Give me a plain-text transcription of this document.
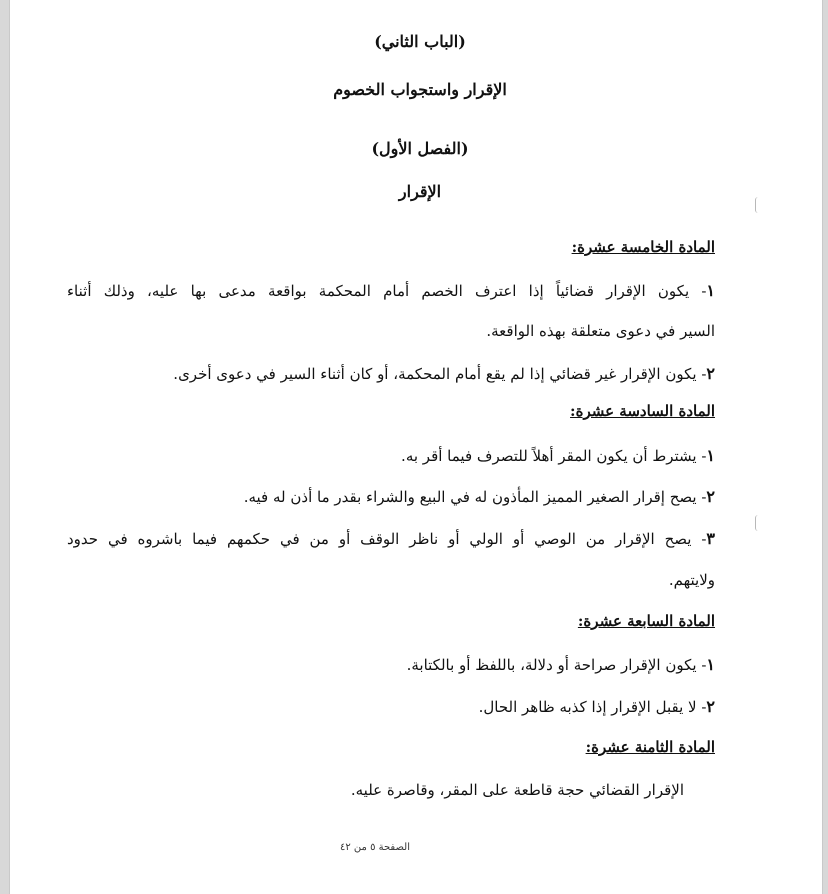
(الباب الثاني)
الإقرار واستجواب الخصوم
(الفصل الأول)
الإقرار
المادة الخامسة عشرة:
١- يكون الإقرار قضائياً إذا اعترف الخصم أمام المحكمة بواقعة مدعى بها عليه، وذلك أثناء
السير في دعوى متعلقة بهذه الواقعة.
٢- يكون الإقرار غير قضائي إذا لم يقع أمام المحكمة، أو كان أثناء السير في دعوى أخرى.
المادة السادسة عشرة:
١- يشترط أن يكون المقر أهلاً للتصرف فيما أقر به.
٢- يصح إقرار الصغير المميز المأذون له في البيع والشراء بقدر ما أذن له فيه.
٣- يصح الإقرار من الوصي أو الولي أو ناظر الوقف أو من في حكمهم فيما باشروه في حدود
ولايتهم.
المادة السابعة عشرة:
١- يكون الإقرار صراحة أو دلالة، باللفظ أو بالكتابة.
٢- لا يقبل الإقرار إذا كذبه ظاهر الحال.
المادة الثامنة عشرة:
الإقرار القضائي حجة قاطعة على المقر، وقاصرة عليه.
الصفحة ٥ من ٤٢
